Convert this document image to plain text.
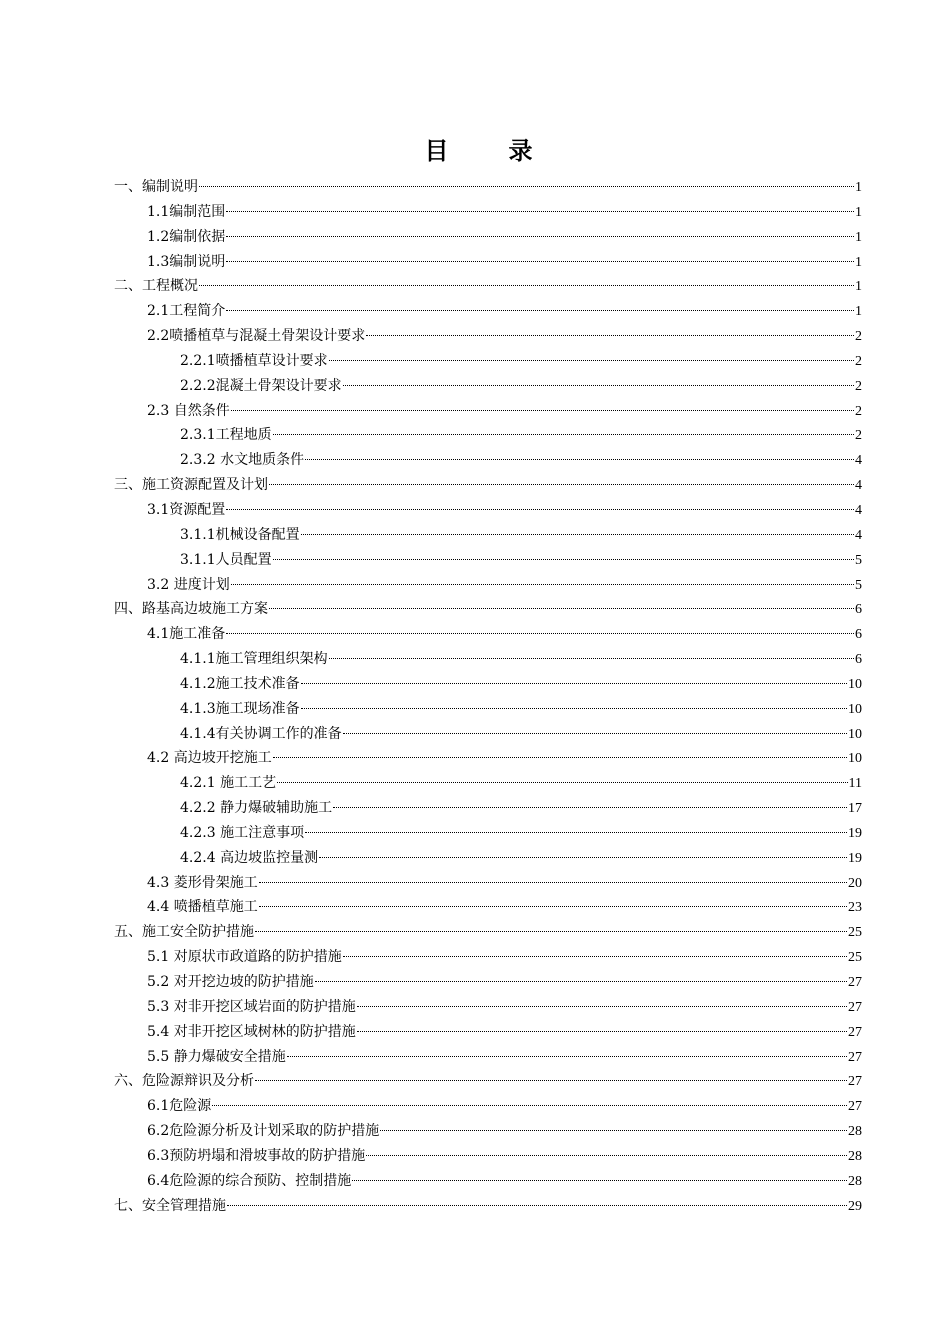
目　录
一、编制说明	1
1.1编制范围	1
1.2编制依据	1
1.3编制说明	1
二、工程概况	1
2.1工程简介	1
2.2喷播植草与混凝土骨架设计要求	2
2.2.1喷播植草设计要求	2
2.2.2混凝土骨架设计要求	2
2.3 自然条件	2
2.3.1工程地质	2
2.3.2 水文地质条件	4
三、施工资源配置及计划	4
3.1资源配置	4
3.1.1机械设备配置	4
3.1.1人员配置	5
3.2 进度计划	5
四、路基高边坡施工方案	6
4.1施工准备	6
4.1.1施工管理组织架构	6
4.1.2施工技术准备	10
4.1.3施工现场准备	10
4.1.4有关协调工作的准备	10
4.2 高边坡开挖施工	10
4.2.1 施工工艺	11
4.2.2 静力爆破辅助施工	17
4.2.3 施工注意事项	19
4.2.4 高边坡监控量测	19
4.3 菱形骨架施工	20
4.4 喷播植草施工	23
五、施工安全防护措施	25
5.1 对原状市政道路的防护措施	25
5.2 对开挖边坡的防护措施	27
5.3 对非开挖区域岩面的防护措施	27
5.4 对非开挖区域树林的防护措施	27
5.5 静力爆破安全措施	27
六、危险源辩识及分析	27
6.1危险源	27
6.2危险源分析及计划采取的防护措施	28
6.3预防坍塌和滑坡事故的防护措施	28
6.4危险源的综合预防、控制措施	28
七、安全管理措施	29
